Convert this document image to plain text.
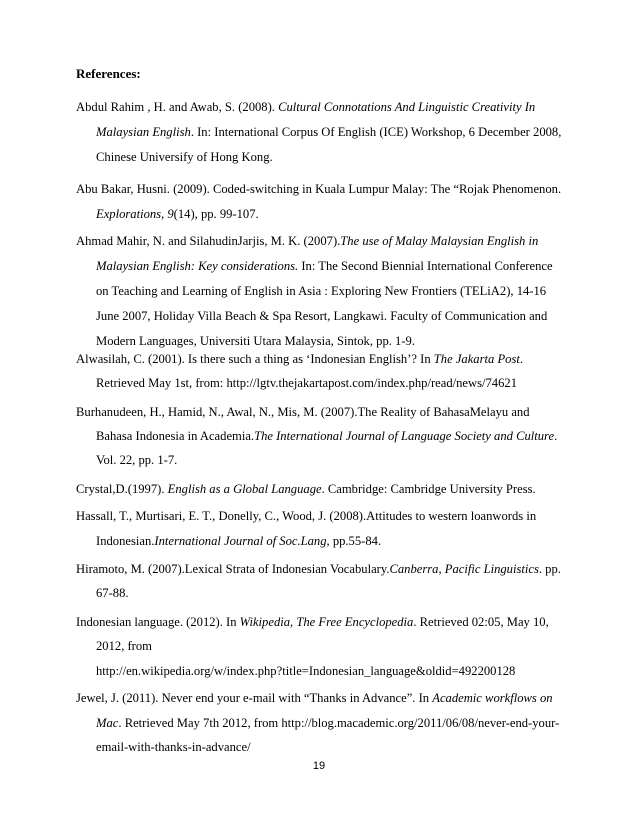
References:

Abdul Rahim , H. and Awab, S. (2008). Cultural Connotations And Linguistic Creativity In
Malaysian English. In: International Corpus Of English (ICE) Workshop, 6 December 2008,
Chinese Universify of Hong Kong.
Abu Bakar, Husni. (2009). Coded-switching in Kuala Lumpur Malay: The “Rojak Phenomenon.
Explorations, 9(14), pp. 99-107.
Ahmad Mahir, N. and SilahudinJarjis, M. K. (2007).The use of Malay Malaysian English in
Malaysian English: Key considerations. In: The Second Biennial International Conference
on Teaching and Learning of English in Asia : Exploring New Frontiers (TELiA2), 14-16
June 2007, Holiday Villa Beach & Spa Resort, Langkawi. Faculty of Communication and
Modern Languages, Universiti Utara Malaysia, Sintok, pp. 1-9.
Alwasilah, C. (2001). Is there such a thing as ‘Indonesian English’? In The Jakarta Post.
Retrieved May 1st, from: http://lgtv.thejakartapost.com/index.php/read/news/74621
Burhanudeen, H., Hamid, N., Awal, N., Mis, M. (2007).The Reality of BahasaMelayu and
Bahasa Indonesia in Academia.The International Journal of Language Society and Culture.
Vol. 22, pp. 1-7.
Crystal,D.(1997). English as a Global Language. Cambridge: Cambridge University Press.
Hassall, T., Murtisari, E. T., Donelly, C., Wood, J. (2008).Attitudes to western loanwords in
Indonesian.International Journal of Soc.Lang, pp.55-84.
Hiramoto, M. (2007).Lexical Strata of Indonesian Vocabulary.Canberra, Pacific Linguistics. pp.
67-88.
Indonesian language. (2012). In Wikipedia, The Free Encyclopedia. Retrieved 02:05, May 10,
2012, from
http://en.wikipedia.org/w/index.php?title=Indonesian_language&oldid=492200128
Jewel, J. (2011). Never end your e-mail with “Thanks in Advance”. In Academic workflows on
Mac. Retrieved May 7th 2012, from http://blog.macademic.org/2011/06/08/never-end-your-
email-with-thanks-in-advance/
19
